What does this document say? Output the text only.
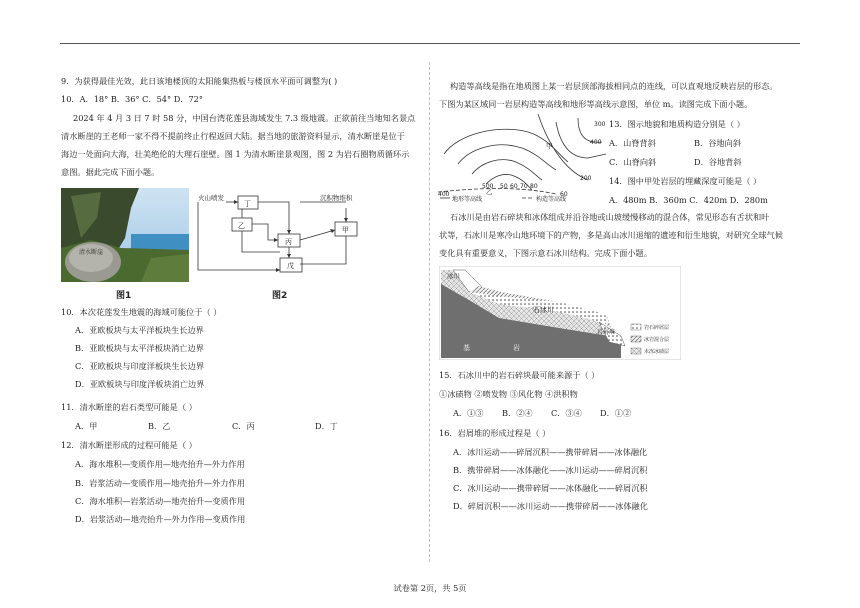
9．为获得最佳光效，此日该地楼顶的太阳能集热板与楼顶水平面可调整为( )
10．A．18° B．36° C．54° D．72°
2024 年 4 月 3 日 7 时 58 分，中国台湾花莲县海域发生 7.3 级地震。正欲前往当地知名景点
清水断崖的王老师一家不得不提前终止行程返回大陆。据当地的旅游资料显示，清水断崖是位于
海边一处面向大海，壮美绝伦的大理石崖壁。图 1 为清水断崖景观图，图 2 为岩石圈物质循环示
意图。据此完成下面小题。
清水断崖
图1
火山喷发	沉积物堆积
丁
乙
丙
甲
戊
图2
10．本次花莲发生地震的海域可能位于（ ）
A．亚欧板块与太平洋板块生长边界
B．亚欧板块与太平洋板块消亡边界
C．亚欧板块与印度洋板块生长边界
D．亚欧板块与印度洋板块消亡边界
11．清水断崖的岩石类型可能是（ ）
A．甲	B．乙	C．丙	D．丁
12．清水断崖形成的过程可能是（ ）
A．海水堆积—变质作用—地壳抬升—外力作用
B．岩浆活动—变质作用—地壳抬升—外力作用
C．海水堆积—岩浆活动—地壳抬升—变质作用
D．岩浆活动—地壳抬升—外力作用—变质作用
构造等高线是指在地质图上某一岩层顶部海拔相同点的连线，可以直观地反映岩层的形态。
下图为某区域同一岩层构造等高线和地形等高线示意图，单位 m。读图完成下面小题。
甲
乙
300
400
200
400
500 50 60 70 80
60
地形等高线	构造等高线
13．图示地貌和地质构造分别是（ ）
A．山脊背斜	B．谷地向斜
C．山脊向斜	D．谷地背斜
14．图中甲处岩层的埋藏深度可能是（ ）
A．480m B．360m C．420m D．280m
石冰川是由岩石碎块和冰体组成并沿谷地或山坡缓慢移动的混合体，常见形态有舌状和叶
状等，石冰川是寒冷山地环境下的产物，多是高山冰川退缩的遗迹和衍生地貌，对研究全球气候
变化具有重要意义，下图示意石冰川结构。完成下面小题。
冰川
石冰川
岩屑堆
基	岩
岩石碎屑层
冰岩混合层
未冻冰碛层
15．石冰川中的岩石碎块最可能来源于（ ）
①冰碛物 ②喷发物 ③风化物 ④洪积物
A．①③ B．②④ C．③④ D．①②
16．岩屑堆的形成过程是（ ）
A．冰川运动——碎屑沉积——携带碎屑——冰体融化
B．携带碎屑——冰体融化——冰川运动——碎屑沉积
C．冰川运动——携带碎屑——冰体融化——碎屑沉积
D．碎屑沉积——冰川运动——携带碎屑——冰体融化
试卷第 2页，共 5页
